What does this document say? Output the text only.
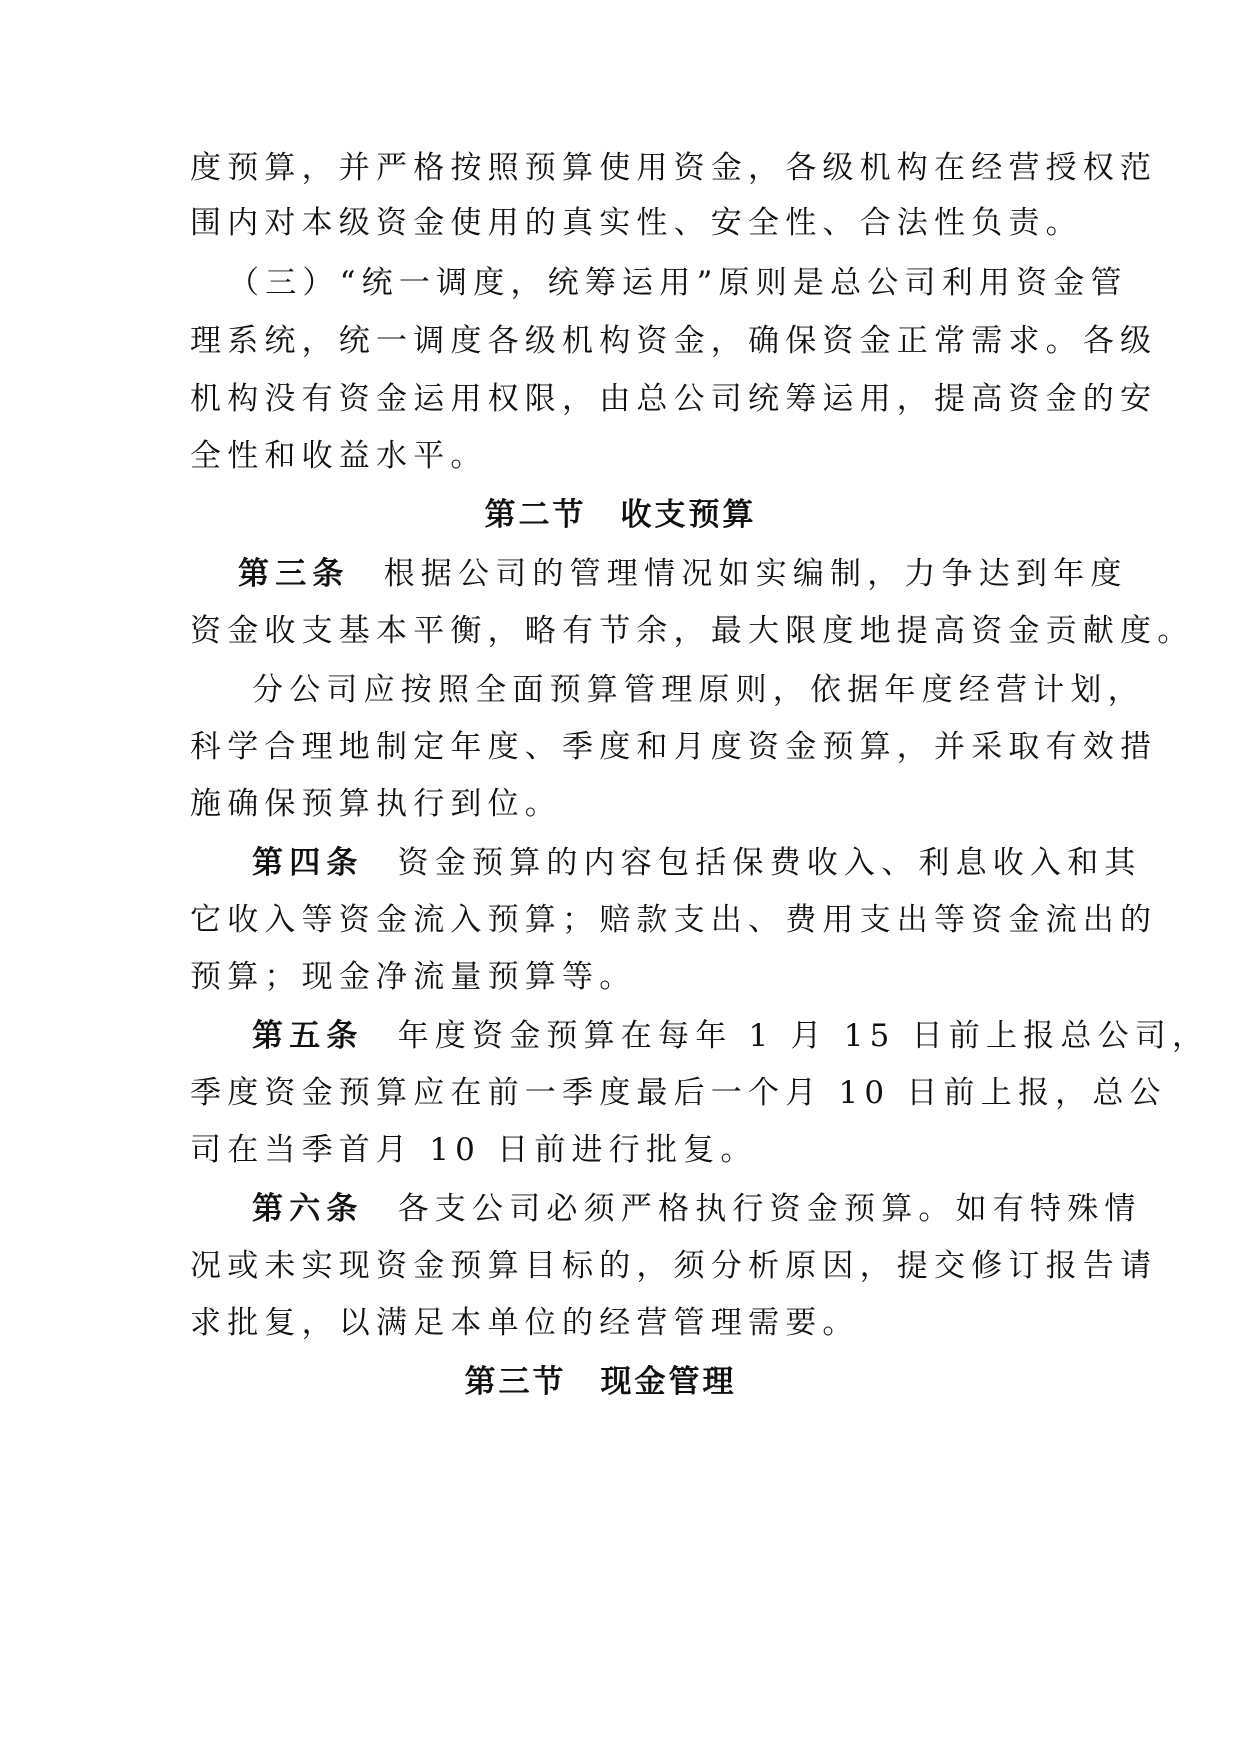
度预算，并严格按照预算使用资金，各级机构在经营授权范
围内对本级资金使用的真实性、安全性、合法性负责。
（三）“统一调度，统筹运用”原则是总公司利用资金管
理系统，统一调度各级机构资金，确保资金正常需求。各级
机构没有资金运用权限，由总公司统筹运用，提高资金的安
全性和收益水平。
第二节 收支预算
第三条 根据公司的管理情况如实编制，力争达到年度
资金收支基本平衡，略有节余，最大限度地提高资金贡献度。
分公司应按照全面预算管理原则，依据年度经营计划，
科学合理地制定年度、季度和月度资金预算，并采取有效措
施确保预算执行到位。
第四条 资金预算的内容包括保费收入、利息收入和其
它收入等资金流入预算；赔款支出、费用支出等资金流出的
预算；现金净流量预算等。
第五条 年度资金预算在每年 1 月 15 日前上报总公司，
季度资金预算应在前一季度最后一个月 10 日前上报，总公
司在当季首月 10 日前进行批复。
第六条 各支公司必须严格执行资金预算。如有特殊情
况或未实现资金预算目标的，须分析原因，提交修订报告请
求批复，以满足本单位的经营管理需要。
第三节 现金管理
